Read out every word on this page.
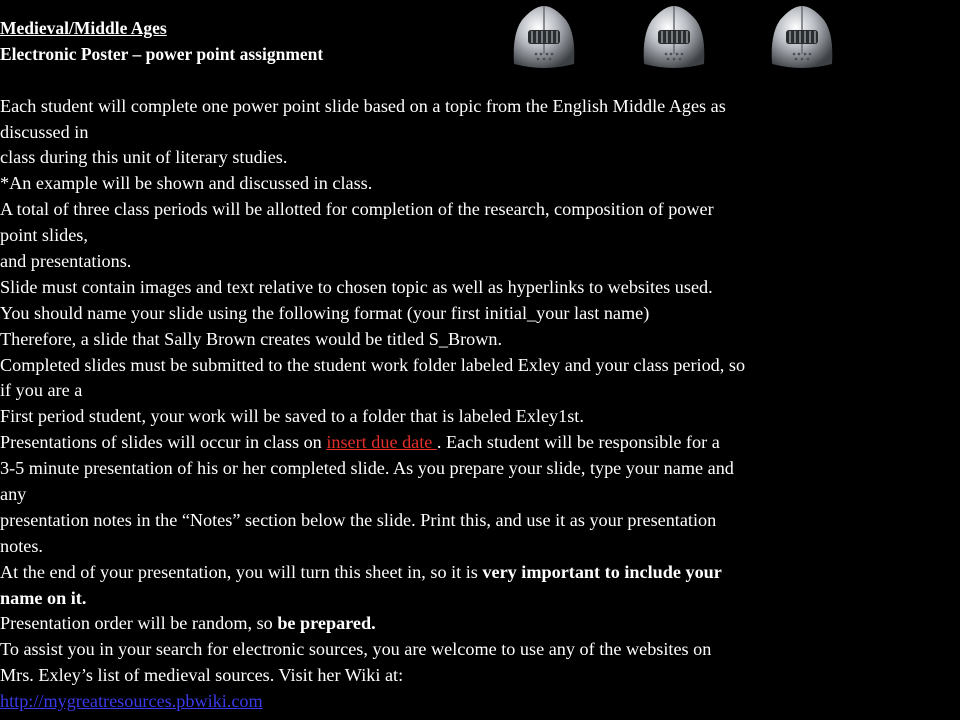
Medieval/Middle Ages
Electronic Poster – power point assignment
Each student will complete one power point slide based on a topic from the English Middle Ages as
discussed in
class during this unit of literary studies.
*An example will be shown and discussed in class.
A total of three class periods will be allotted for completion of the research, composition of power
point slides,
and presentations.
Slide must contain images and text relative to chosen topic as well as hyperlinks to websites used.
You should name your slide using the following format (your first initial_your last name)
Therefore, a slide that Sally Brown creates would be titled S_Brown.
Completed slides must be submitted to the student work folder labeled Exley and your class period, so
if you are a
First period student, your work will be saved to a folder that is labeled Exley1st.
Presentations of slides will occur in class on insert due date . Each student will be responsible for a
3-5 minute presentation of his or her completed slide. As you prepare your slide, type your name and
any
presentation notes in the “Notes” section below the slide. Print this, and use it as your presentation
notes.
At the end of your presentation, you will turn this sheet in, so it is very important to include your
name on it.
Presentation order will be random, so be prepared.
To assist you in your search for electronic sources, you are welcome to use any of the websites on
Mrs. Exley’s list of medieval sources. Visit her Wiki at:
http://mygreatresources.pbwiki.com
